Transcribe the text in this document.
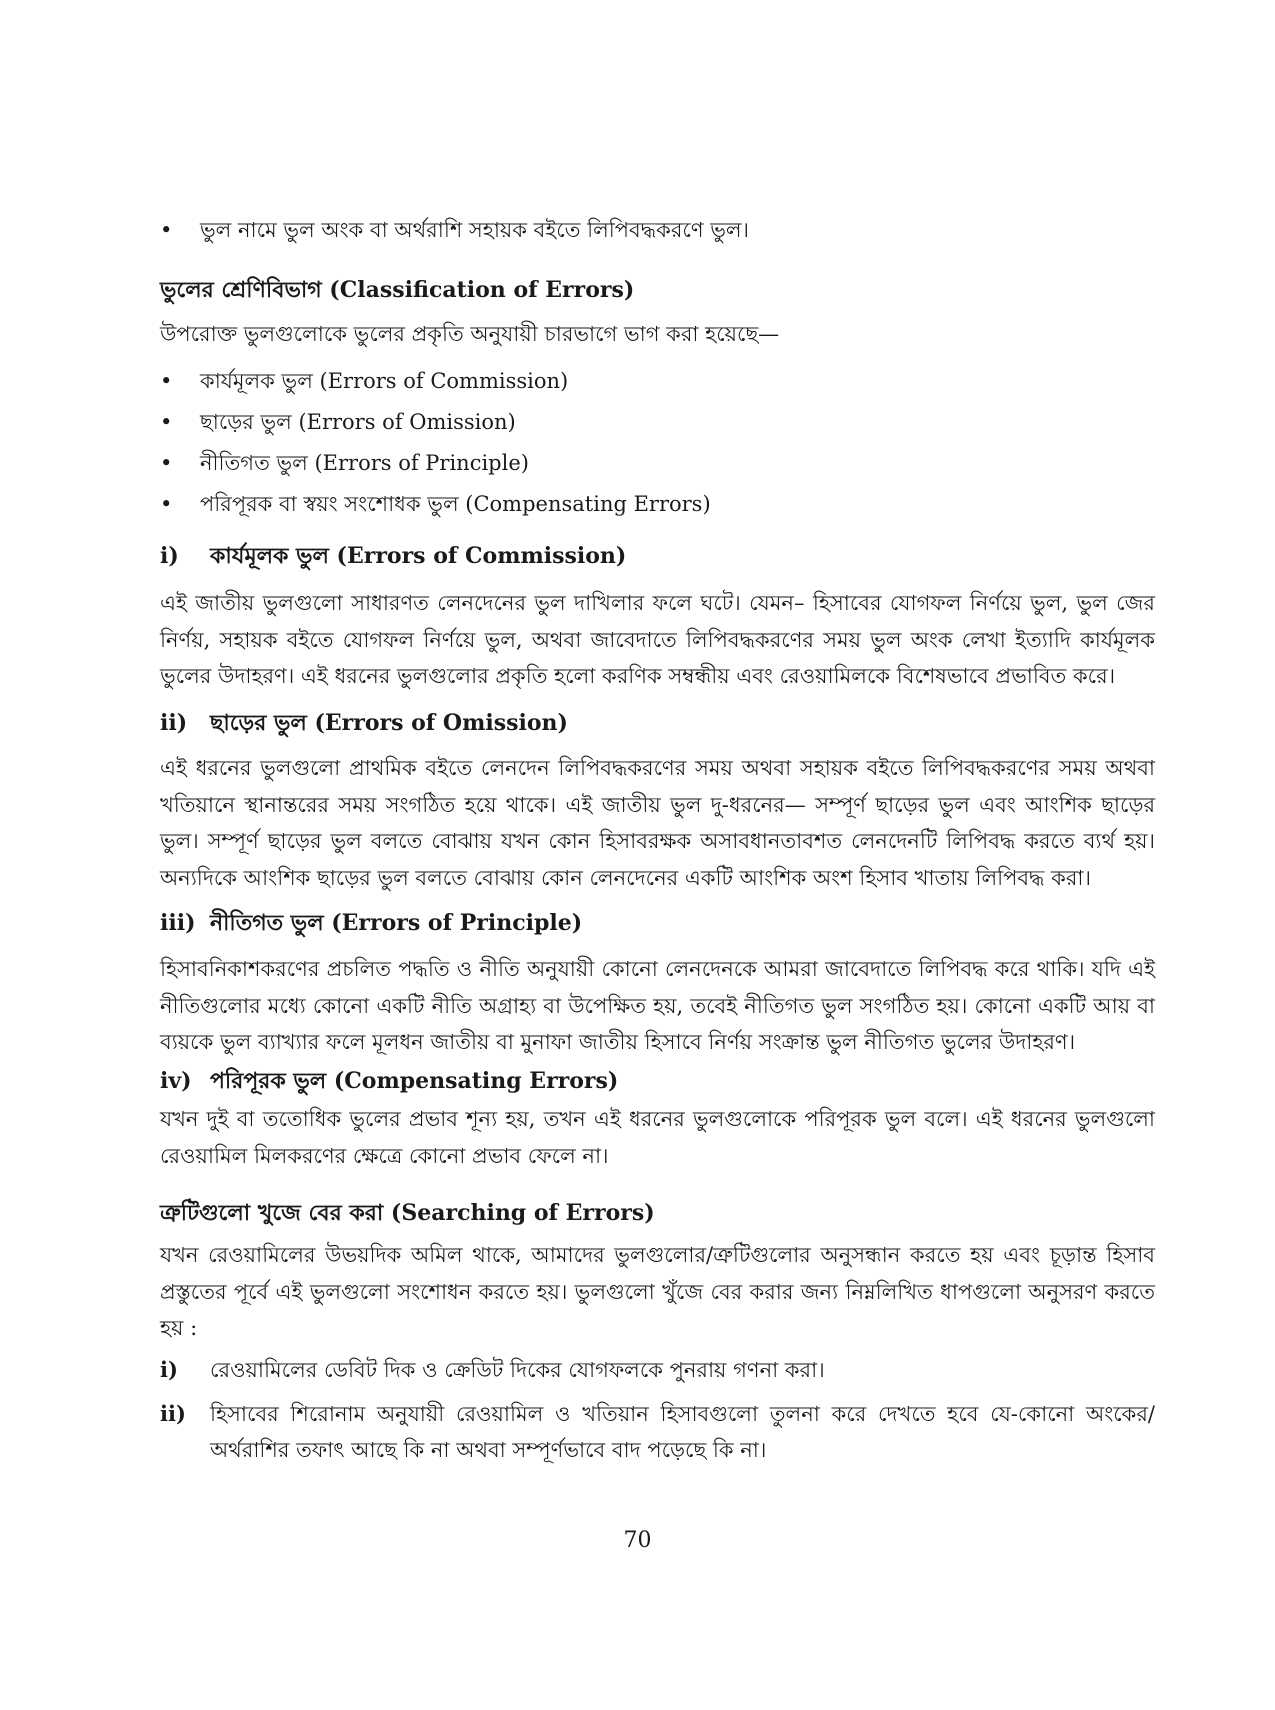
• ভুল নামে ভুল অংক বা অর্থরাশি সহায়ক বইতে লিপিবদ্ধকরণে ভুল।
ভুলের শ্রেণিবিভাগ (Classification of Errors)
উপরোক্ত ভুলগুলোকে ভুলের প্রকৃতি অনুযায়ী চারভাগে ভাগ করা হয়েছে—
• কার্যমূলক ভুল (Errors of Commission)
• ছাড়ের ভুল (Errors of Omission)
• নীতিগত ভুল (Errors of Principle)
• পরিপূরক বা স্বয়ং সংশোধক ভুল (Compensating Errors)
i) কার্যমূলক ভুল (Errors of Commission)
এই জাতীয় ভুলগুলো সাধারণত লেনদেনের ভুল দাখিলার ফলে ঘটে। যেমন– হিসাবের যোগফল নির্ণয়ে ভুল, ভুল জের নির্ণয়, সহায়ক বইতে যোগফল নির্ণয়ে ভুল, অথবা জাবেদাতে লিপিবদ্ধকরণের সময় ভুল অংক লেখা ইত্যাদি কার্যমূলক ভুলের উদাহরণ। এই ধরনের ভুলগুলোর প্রকৃতি হলো করণিক সম্বন্ধীয় এবং রেওয়ামিলকে বিশেষভাবে প্রভাবিত করে।
ii) ছাড়ের ভুল (Errors of Omission)
এই ধরনের ভুলগুলো প্রাথমিক বইতে লেনদেন লিপিবদ্ধকরণের সময় অথবা সহায়ক বইতে লিপিবদ্ধকরণের সময় অথবা খতিয়ানে স্থানান্তরের সময় সংগঠিত হয়ে থাকে। এই জাতীয় ভুল দু-ধরনের— সম্পূর্ণ ছাড়ের ভুল এবং আংশিক ছাড়ের ভুল। সম্পূর্ণ ছাড়ের ভুল বলতে বোঝায় যখন কোন হিসাবরক্ষক অসাবধানতাবশত লেনদেনটি লিপিবদ্ধ করতে ব্যর্থ হয়। অন্যদিকে আংশিক ছাড়ের ভুল বলতে বোঝায় কোন লেনদেনের একটি আংশিক অংশ হিসাব খাতায় লিপিবদ্ধ করা।
iii) নীতিগত ভুল (Errors of Principle)
হিসাবনিকাশকরণের প্রচলিত পদ্ধতি ও নীতি অনুযায়ী কোনো লেনদেনকে আমরা জাবেদাতে লিপিবদ্ধ করে থাকি। যদি এই নীতিগুলোর মধ্যে কোনো একটি নীতি অগ্রাহ্য বা উপেক্ষিত হয়, তবেই নীতিগত ভুল সংগঠিত হয়। কোনো একটি আয় বা ব্যয়কে ভুল ব্যাখ্যার ফলে মূলধন জাতীয় বা মুনাফা জাতীয় হিসাবে নির্ণয় সংক্রান্ত ভুল নীতিগত ভুলের উদাহরণ।
iv) পরিপূরক ভুল (Compensating Errors)
যখন দুই বা ততোধিক ভুলের প্রভাব শূন্য হয়, তখন এই ধরনের ভুলগুলোকে পরিপূরক ভুল বলে। এই ধরনের ভুলগুলো রেওয়ামিল মিলকরণের ক্ষেত্রে কোনো প্রভাব ফেলে না।
ত্রুটিগুলো খুজে বের করা (Searching of Errors)
যখন রেওয়ামিলের উভয়দিক অমিল থাকে, আমাদের ভুলগুলোর/ত্রুটিগুলোর অনুসন্ধান করতে হয় এবং চূড়ান্ত হিসাব প্রস্তুতের পূর্বে এই ভুলগুলো সংশোধন করতে হয়। ভুলগুলো খুঁজে বের করার জন্য নিম্নলিখিত ধাপগুলো অনুসরণ করতে হয় :
i) রেওয়ামিলের ডেবিট দিক ও ক্রেডিট দিকের যোগফলকে পুনরায় গণনা করা।
ii) হিসাবের শিরোনাম অনুযায়ী রেওয়ামিল ও খতিয়ান হিসাবগুলো তুলনা করে দেখতে হবে যে-কোনো অংকের/অর্থরাশির তফাৎ আছে কি না অথবা সম্পূর্ণভাবে বাদ পড়েছে কি না।
70
